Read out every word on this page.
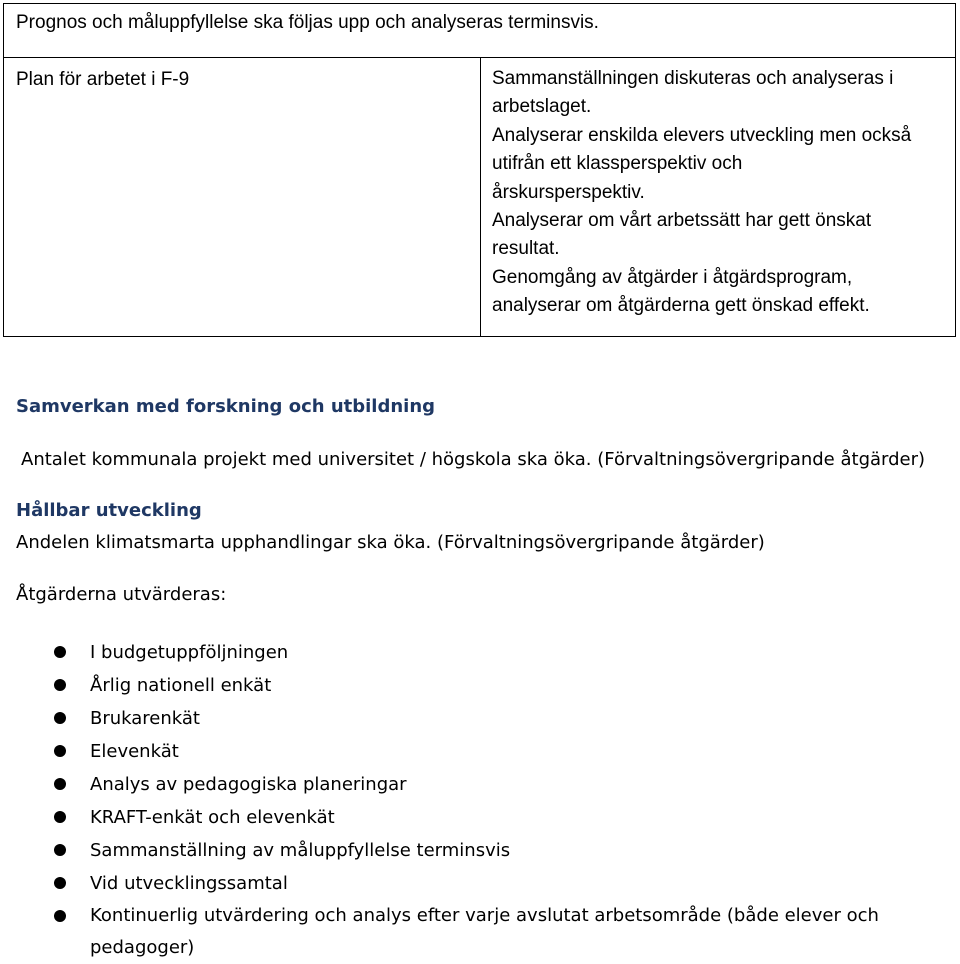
Prognos och måluppfyllelse ska följas upp och analyseras terminsvis.
Plan för arbetet i F-9	Sammanställningen diskuteras och analyseras i
arbetslaget.
Analyserar enskilda elevers utveckling men också
utifrån ett klassperspektiv och
årskursperspektiv.
Analyserar om vårt arbetssätt har gett önskat
resultat.
Genomgång av åtgärder i åtgärdsprogram,
analyserar om åtgärderna gett önskad effekt.
Samverkan med forskning och utbildning
Antalet kommunala projekt med universitet / högskola ska öka. (Förvaltningsövergripande åtgärder)
Hållbar utveckling
Andelen klimatsmarta upphandlingar ska öka. (Förvaltningsövergripande åtgärder)
Åtgärderna utvärderas:
I budgetuppföljningen
Årlig nationell enkät
Brukarenkät
Elevenkät
Analys av pedagogiska planeringar
KRAFT-enkät och elevenkät
Sammanställning av måluppfyllelse terminsvis
Vid utvecklingssamtal
Kontinuerlig utvärdering och analys efter varje avslutat arbetsområde (både elever och pedagoger)
